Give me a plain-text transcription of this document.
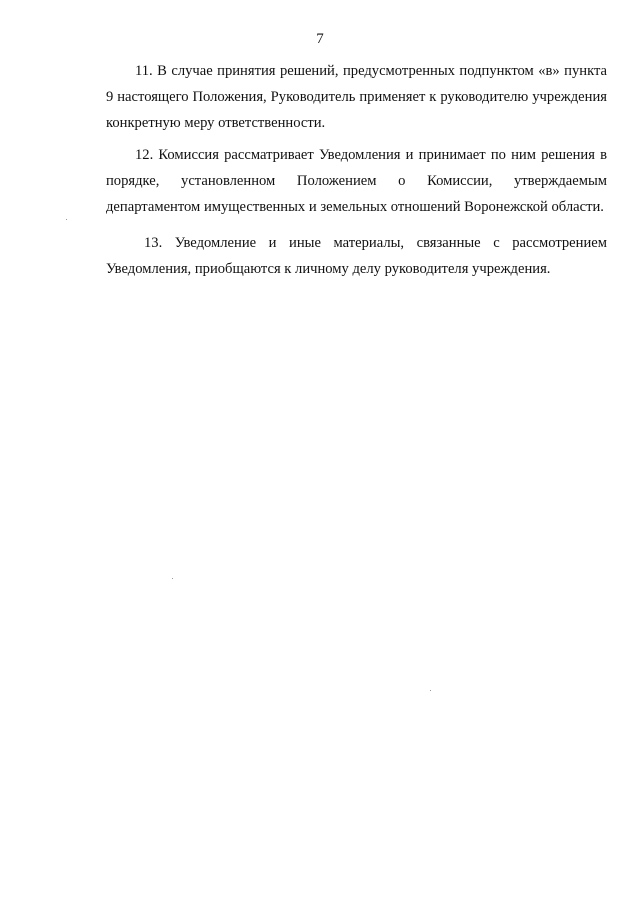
7

11. В случае принятия решений, предусмотренных подпунктом «в» пункта 9 настоящего Положения, Руководитель применяет к руководителю учреждения конкретную меру ответственности.

12. Комиссия рассматривает Уведомления и принимает по ним решения в порядке, установленном Положением о Комиссии, утверждаемым департаментом имущественных и земельных отношений Воронежской области.

13. Уведомление и иные материалы, связанные с рассмотрением Уведомления, приобщаются к личному делу руководителя учреждения.
